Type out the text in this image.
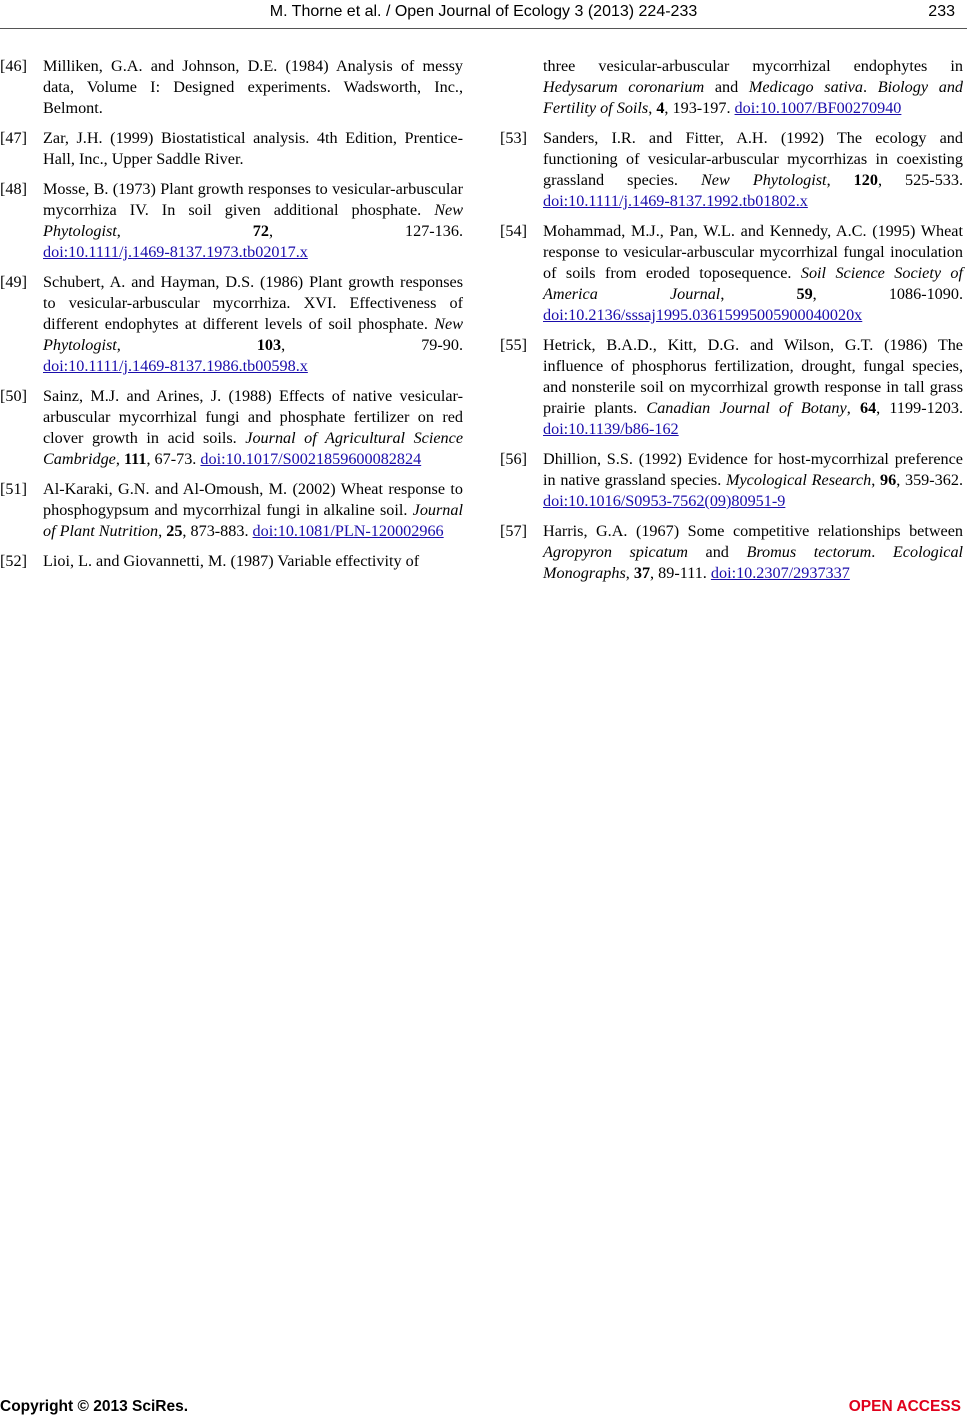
M. Thorne et al. / Open Journal of Ecology 3 (2013) 224-233	233
[46] Milliken, G.A. and Johnson, D.E. (1984) Analysis of messy data, Volume I: Designed experiments. Wadsworth, Inc., Belmont.
[47] Zar, J.H. (1999) Biostatistical analysis. 4th Edition, Prentice-Hall, Inc., Upper Saddle River.
[48] Mosse, B. (1973) Plant growth responses to vesicular-arbuscular mycorrhiza IV. In soil given additional phosphate. New Phytologist, 72, 127-136. doi:10.1111/j.1469-8137.1973.tb02017.x
[49] Schubert, A. and Hayman, D.S. (1986) Plant growth responses to vesicular-arbuscular mycorrhiza. XVI. Effectiveness of different endophytes at different levels of soil phosphate. New Phytologist, 103, 79-90. doi:10.1111/j.1469-8137.1986.tb00598.x
[50] Sainz, M.J. and Arines, J. (1988) Effects of native vesicular-arbuscular mycorrhizal fungi and phosphate fertilizer on red clover growth in acid soils. Journal of Agricultural Science Cambridge, 111, 67-73. doi:10.1017/S0021859600082824
[51] Al-Karaki, G.N. and Al-Omoush, M. (2002) Wheat response to phosphogypsum and mycorrhizal fungi in alkaline soil. Journal of Plant Nutrition, 25, 873-883. doi:10.1081/PLN-120002966
[52] Lioi, L. and Giovannetti, M. (1987) Variable effectivity of
three vesicular-arbuscular mycorrhizal endophytes in Hedysarum coronarium and Medicago sativa. Biology and Fertility of Soils, 4, 193-197. doi:10.1007/BF00270940
[53] Sanders, I.R. and Fitter, A.H. (1992) The ecology and functioning of vesicular-arbuscular mycorrhizas in coexisting grassland species. New Phytologist, 120, 525-533. doi:10.1111/j.1469-8137.1992.tb01802.x
[54] Mohammad, M.J., Pan, W.L. and Kennedy, A.C. (1995) Wheat response to vesicular-arbuscular mycorrhizal fungal inoculation of soils from eroded toposequence. Soil Science Society of America Journal, 59, 1086-1090. doi:10.2136/sssaj1995.03615995005900040020x
[55] Hetrick, B.A.D., Kitt, D.G. and Wilson, G.T. (1986) The influence of phosphorus fertilization, drought, fungal species, and nonsterile soil on mycorrhizal growth response in tall grass prairie plants. Canadian Journal of Botany, 64, 1199-1203. doi:10.1139/b86-162
[56] Dhillion, S.S. (1992) Evidence for host-mycorrhizal preference in native grassland species. Mycological Research, 96, 359-362. doi:10.1016/S0953-7562(09)80951-9
[57] Harris, G.A. (1967) Some competitive relationships between Agropyron spicatum and Bromus tectorum. Ecological Monographs, 37, 89-111. doi:10.2307/2937337
Copyright © 2013 SciRes.	OPEN ACCESS
